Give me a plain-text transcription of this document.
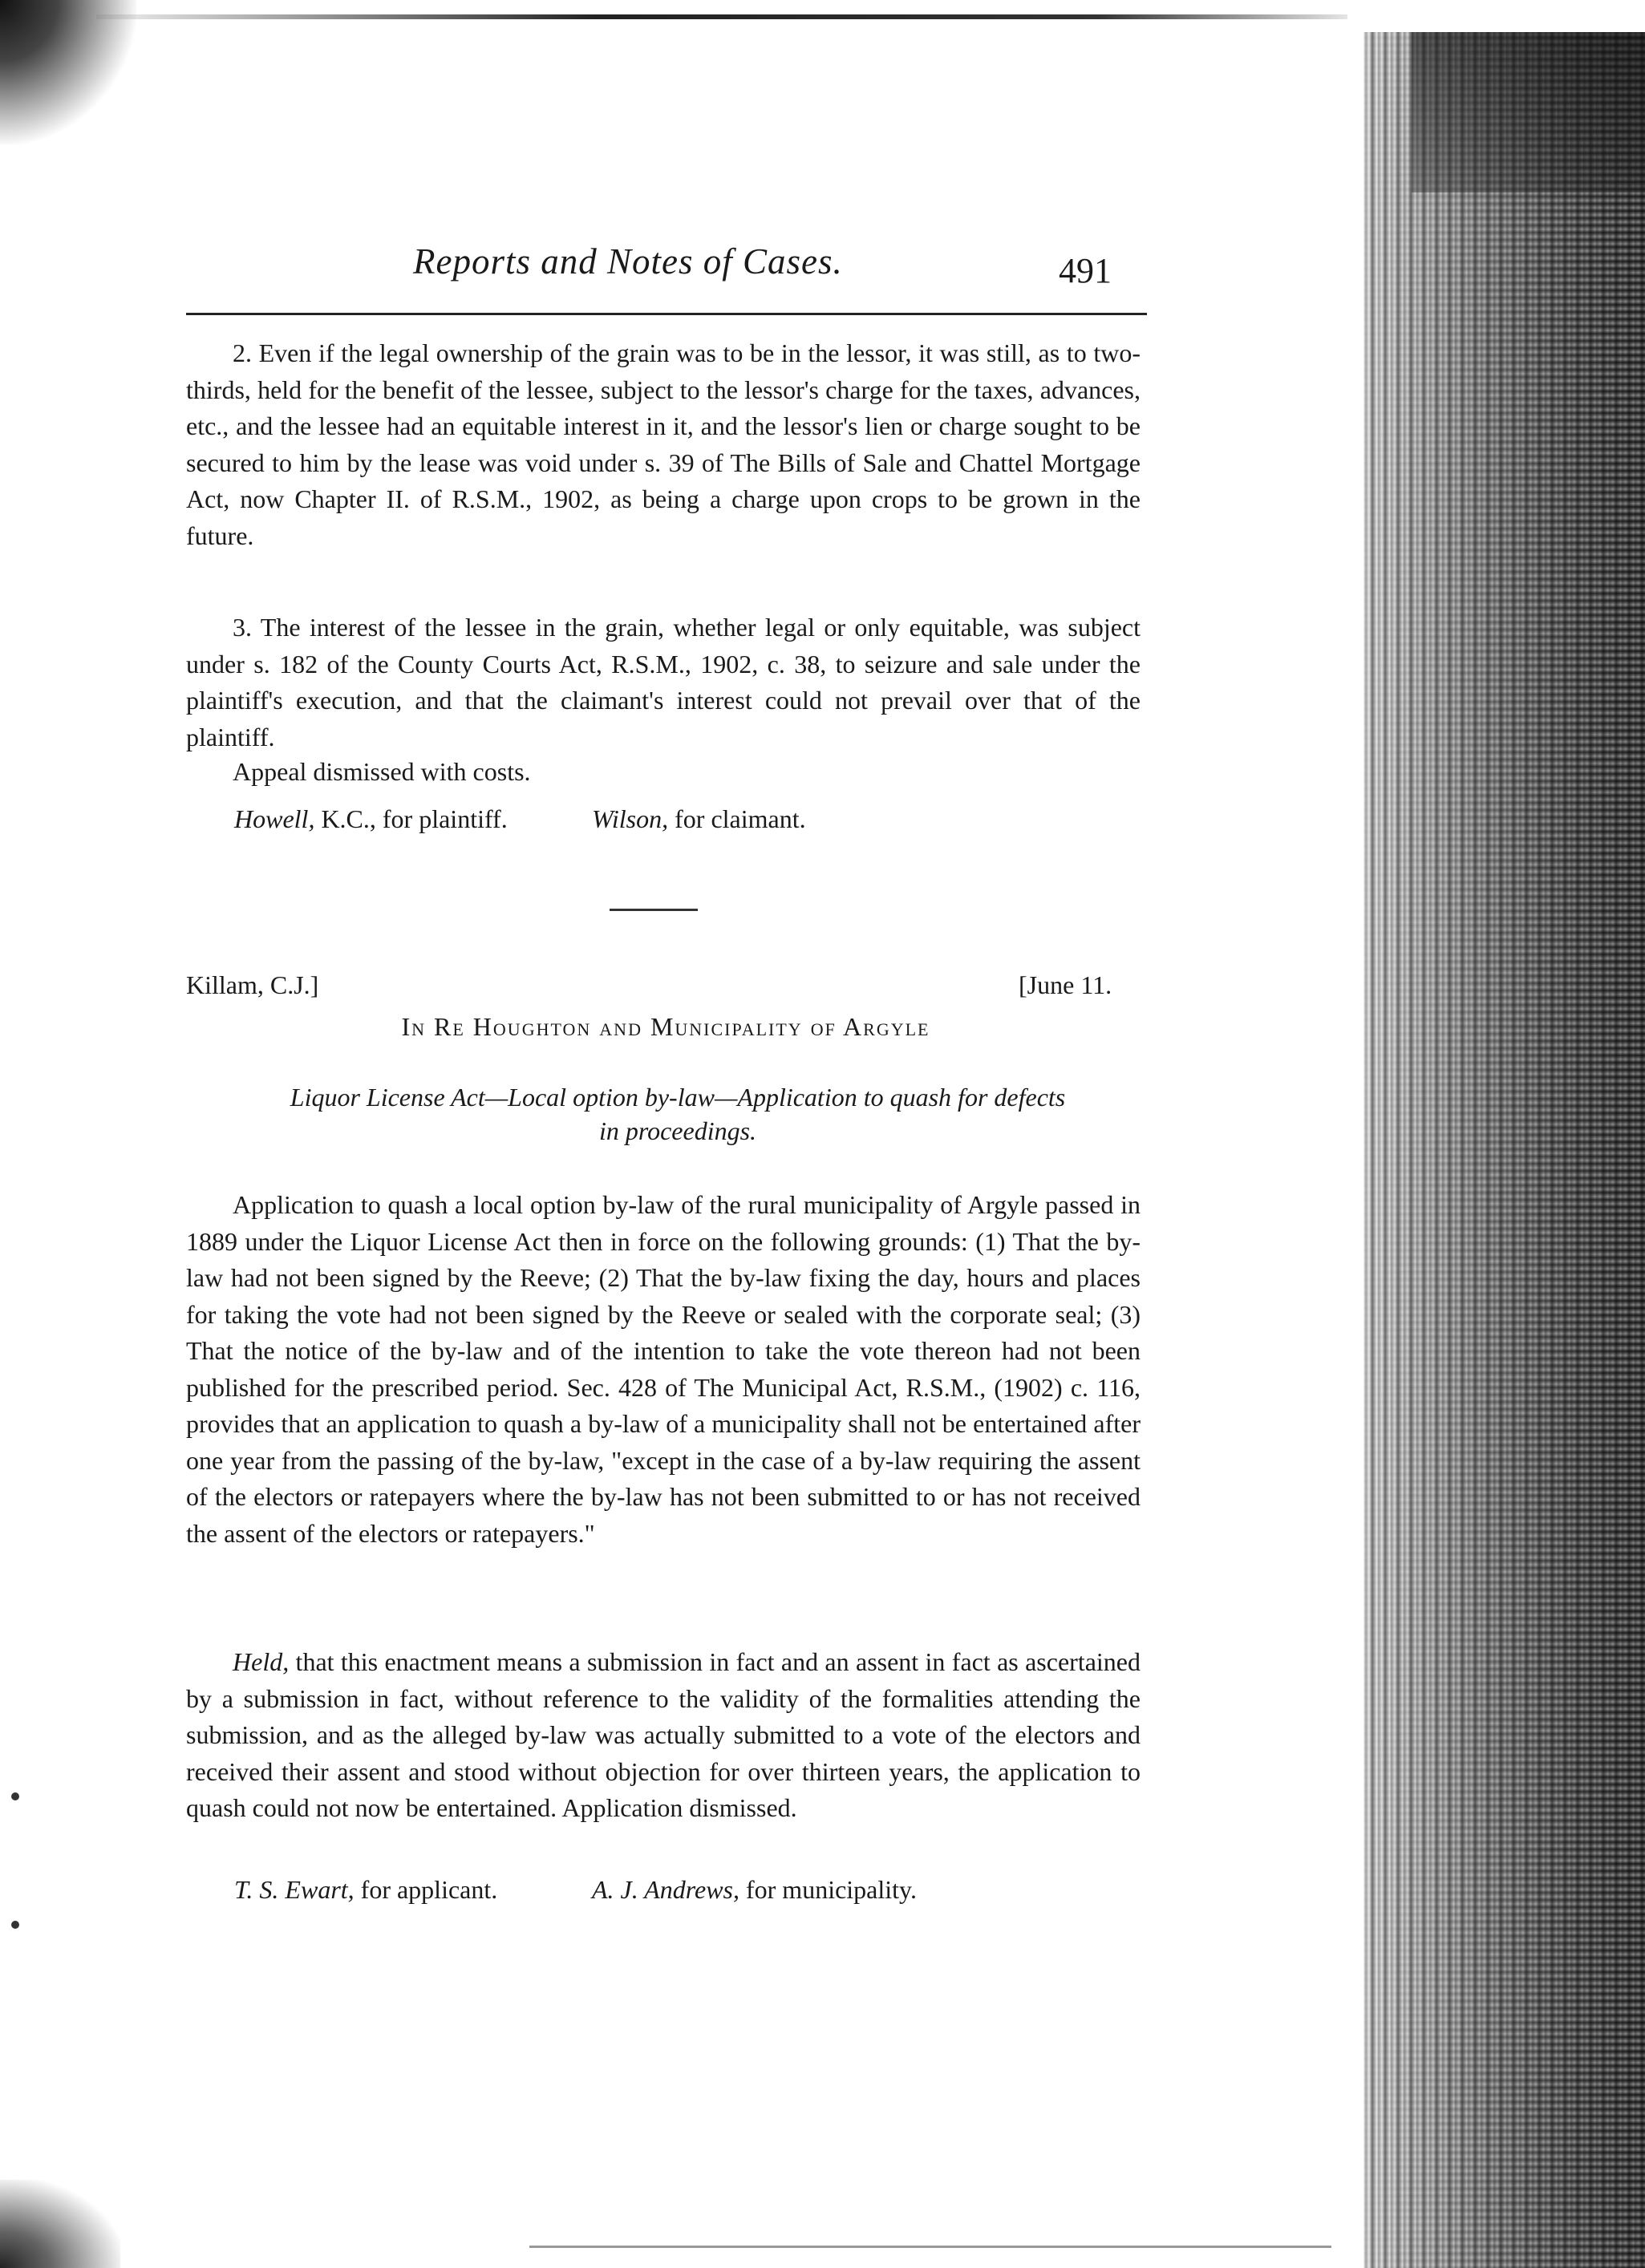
Reports and Notes of Cases.	491

2. Even if the legal ownership of the grain was to be in the lessor, it was still, as to two-thirds, held for the benefit of the lessee, subject to the lessor's charge for the taxes, advances, etc., and the lessee had an equitable interest in it, and the lessor's lien or charge sought to be secured to him by the lease was void under s. 39 of The Bills of Sale and Chattel Mortgage Act, now Chapter II. of R.S.M., 1902, as being a charge upon crops to be grown in the future.

3. The interest of the lessee in the grain, whether legal or only equitable, was subject under s. 182 of the County Courts Act, R.S.M., 1902, c. 38, to seizure and sale under the plaintiff's execution, and that the claimant's interest could not prevail over that of the plaintiff.

Appeal dismissed with costs.

Howell, K.C., for plaintiff.	Wilson, for claimant.
Killam, C.J.]	[June 11.
In Re Houghton and Municipality of Argyle
Liquor License Act—Local option by-law—Application to quash for defects
in proceedings.

Application to quash a local option by-law of the rural municipality of Argyle passed in 1889 under the Liquor License Act then in force on the following grounds: (1) That the by-law had not been signed by the Reeve; (2) That the by-law fixing the day, hours and places for taking the vote had not been signed by the Reeve or sealed with the corporate seal; (3) That the notice of the by-law and of the intention to take the vote thereon had not been published for the prescribed period. Sec. 428 of The Municipal Act, R.S.M., (1902) c. 116, provides that an application to quash a by-law of a municipality shall not be entertained after one year from the passing of the by-law, "except in the case of a by-law requiring the assent of the electors or ratepayers where the by-law has not been submitted to or has not received the assent of the electors or ratepayers."

Held, that this enactment means a submission in fact and an assent in fact as ascertained by a submission in fact, without reference to the validity of the formalities attending the submission, and as the alleged by-law was actually submitted to a vote of the electors and received their assent and stood without objection for over thirteen years, the application to quash could not now be entertained. Application dismissed.

T. S. Ewart, for applicant.	A. J. Andrews, for municipality.
